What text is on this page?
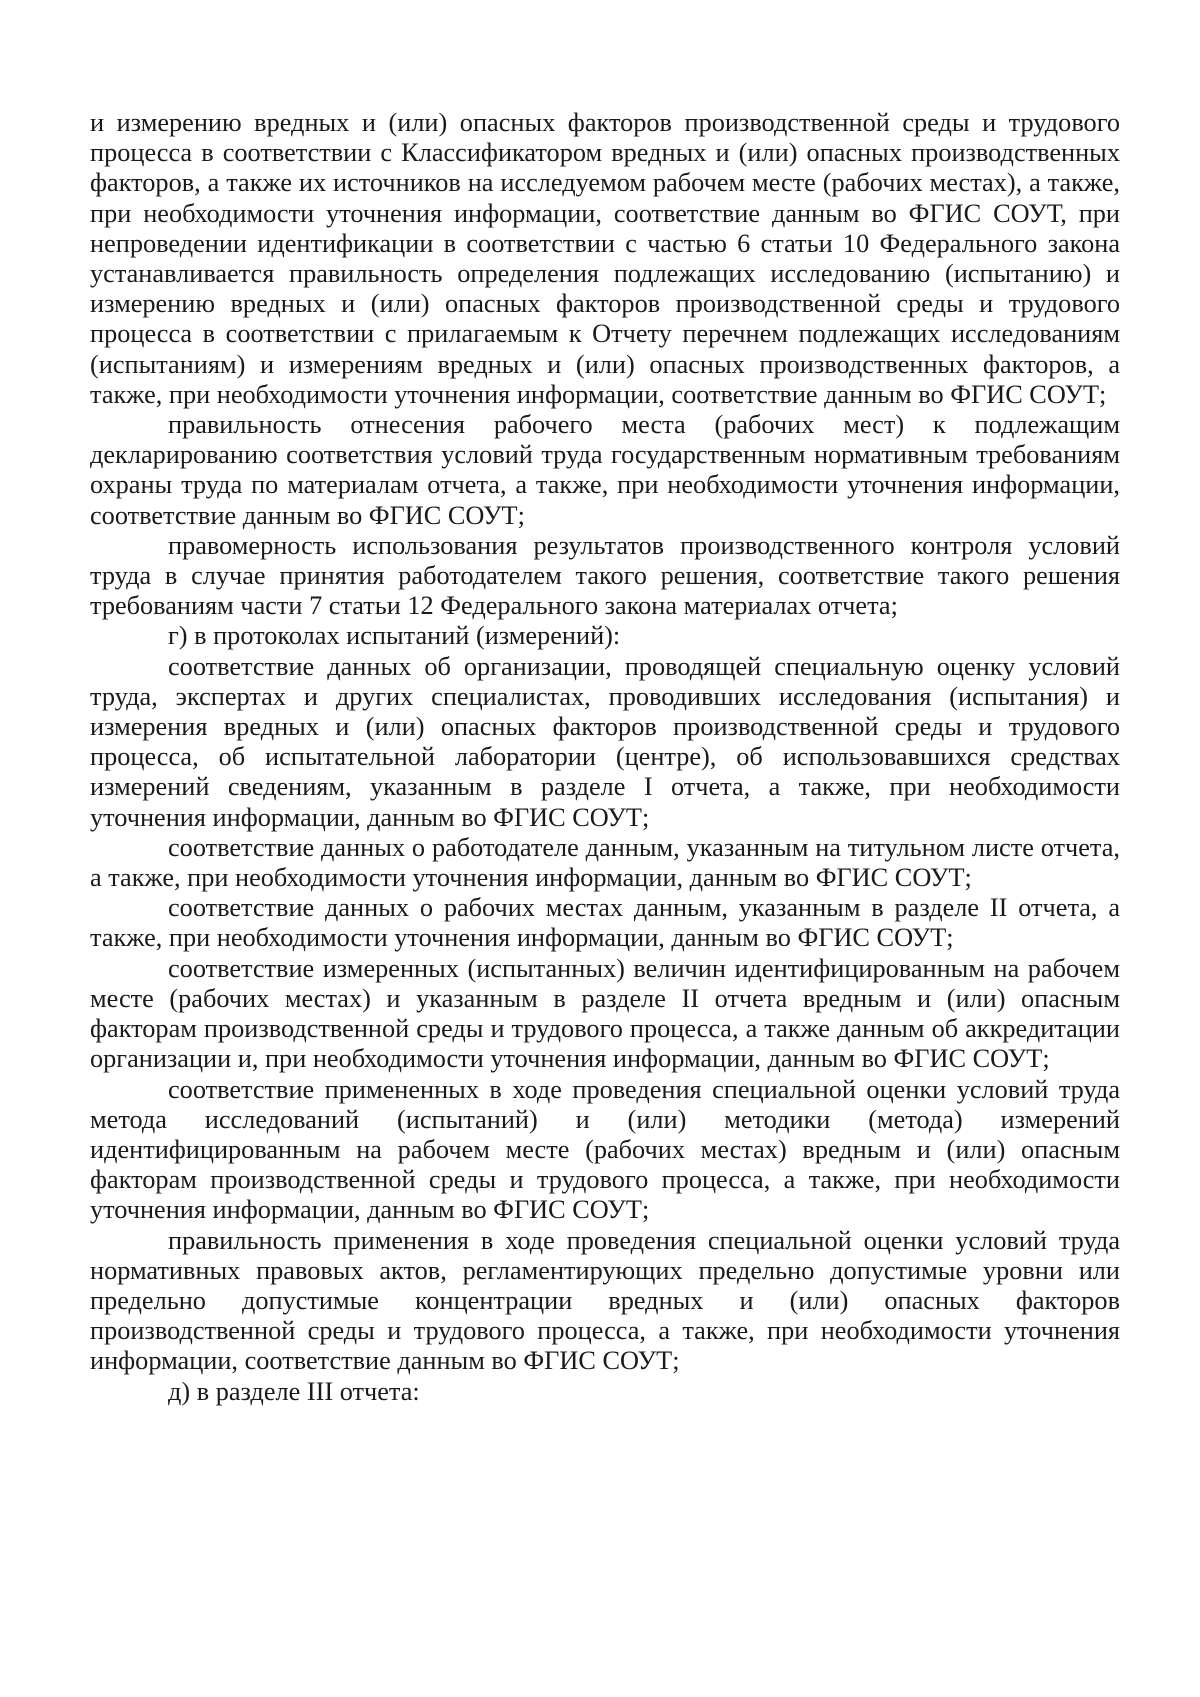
и измерению вредных и (или) опасных факторов производственной среды и трудового процесса в соответствии с Классификатором вредных и (или) опасных производственных факторов, а также их источников на исследуемом рабочем месте (рабочих местах), а также, при необходимости уточнения информации, соответствие данным во ФГИС СОУТ, при непроведении идентификации в соответствии с частью 6 статьи 10 Федерального закона устанавливается правильность определения подлежащих исследованию (испытанию) и измерению вредных и (или) опасных факторов производственной среды и трудового процесса в соответствии с прилагаемым к Отчету перечнем подлежащих исследованиям (испытаниям) и измерениям вредных и (или) опасных производственных факторов, а также, при необходимости уточнения информации, соответствие данным во ФГИС СОУТ;

правильность отнесения рабочего места (рабочих мест) к подлежащим декларированию соответствия условий труда государственным нормативным требованиям охраны труда по материалам отчета, а также, при необходимости уточнения информации, соответствие данным во ФГИС СОУТ;

правомерность использования результатов производственного контроля условий труда в случае принятия работодателем такого решения, соответствие такого решения требованиям части 7 статьи 12 Федерального закона материалах отчета;

г) в протоколах испытаний (измерений):

соответствие данных об организации, проводящей специальную оценку условий труда, экспертах и других специалистах, проводивших исследования (испытания) и измерения вредных и (или) опасных факторов производственной среды и трудового процесса, об испытательной лаборатории (центре), об использовавшихся средствах измерений сведениям, указанным в разделе I отчета, а также, при необходимости уточнения информации, данным во ФГИС СОУТ;

соответствие данных о работодателе данным, указанным на титульном листе отчета, а также, при необходимости уточнения информации, данным во ФГИС СОУТ;

соответствие данных о рабочих местах данным, указанным в разделе II отчета, а также, при необходимости уточнения информации, данным во ФГИС СОУТ;

соответствие измеренных (испытанных) величин идентифицированным на рабочем месте (рабочих местах) и указанным в разделе II отчета вредным и (или) опасным факторам производственной среды и трудового процесса, а также данным об аккредитации организации и, при необходимости уточнения информации, данным во ФГИС СОУТ;

соответствие примененных в ходе проведения специальной оценки условий труда метода исследований (испытаний) и (или) методики (метода) измерений идентифицированным на рабочем месте (рабочих местах) вредным и (или) опасным факторам производственной среды и трудового процесса, а также, при необходимости уточнения информации, данным во ФГИС СОУТ;

правильность применения в ходе проведения специальной оценки условий труда нормативных правовых актов, регламентирующих предельно допустимые уровни или предельно допустимые концентрации вредных и (или) опасных факторов производственной среды и трудового процесса, а также, при необходимости уточнения информации, соответствие данным во ФГИС СОУТ;

д) в разделе III отчета:
